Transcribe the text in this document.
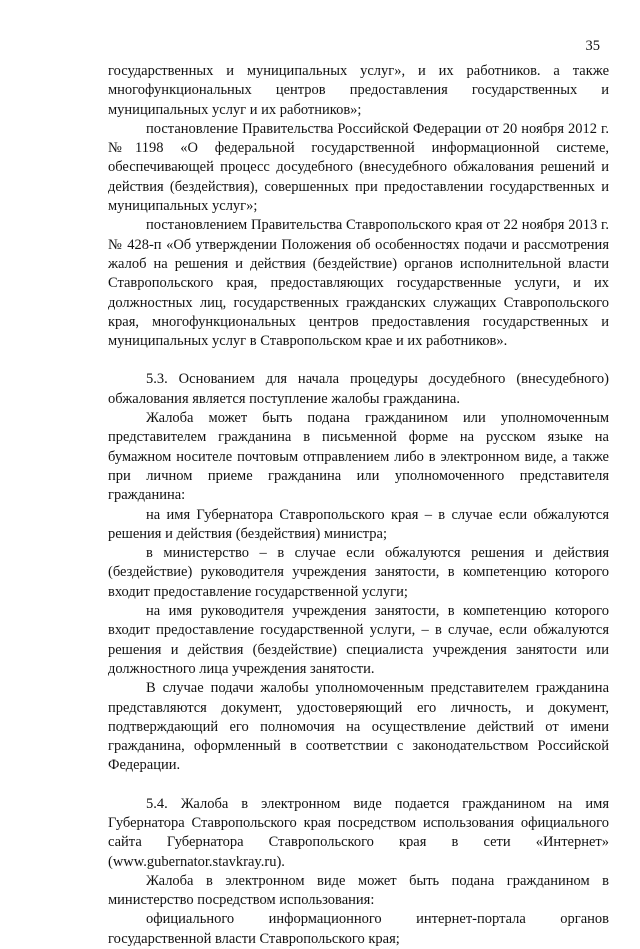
35

государственных и муниципальных услуг», и их работников. а также многофункциональных центров предоставления государственных и муниципальных услуг и их работников»;

постановление Правительства Российской Федерации от 20 ноября 2012 г. №1198 «О федеральной государственной информационной системе, обеспечивающей процесс досудебного (внесудебного обжалования решений и действия (бездействия), совершенных при предоставлении государственных и муниципальных услуг»;

постановлением Правительства Ставропольского края от 22 ноября 2013 г. № 428-п «Об утверждении Положения об особенностях подачи и рассмотрения жалоб на решения и действия (бездействие) органов исполнительной власти Ставропольского края, предоставляющих государственные услуги, и их должностных лиц, государственных гражданских служащих Ставропольского края, многофункциональных центров предоставления государственных и муниципальных услуг в Ставропольском крае и их работников».

5.3. Основанием для начала процедуры досудебного (внесудебного) обжалования является поступление жалобы гражданина.

Жалоба может быть подана гражданином или уполномоченным представителем гражданина в письменной форме на русском языке на бумажном носителе почтовым отправлением либо в электронном виде, а также при личном приеме гражданина или уполномоченного представителя гражданина:

на имя Губернатора Ставропольского края – в случае если обжалуются решения и действия (бездействия) министра;

в министерство – в случае если обжалуются решения и действия (бездействие) руководителя учреждения занятости, в компетенцию которого входит предоставление государственной услуги;

на имя руководителя учреждения занятости, в компетенцию которого входит предоставление государственной услуги, – в случае, если обжалуются решения и действия (бездействие) специалиста учреждения занятости или должностного лица учреждения занятости.

В случае подачи жалобы уполномоченным представителем гражданина представляются документ, удостоверяющий его личность, и документ, подтверждающий его полномочия на осуществление действий от имени гражданина, оформленный в соответствии с законодательством Российской Федерации.

5.4. Жалоба в электронном виде подается гражданином на имя Губернатора Ставропольского края посредством использования официального сайта Губернатора Ставропольского края в сети «Интернет» (www.gubernator.stavkray.ru).

Жалоба в электронном виде может быть подана гражданином в министерство посредством использования:

официального информационного интернет-портала органов государственной власти Ставропольского края;
